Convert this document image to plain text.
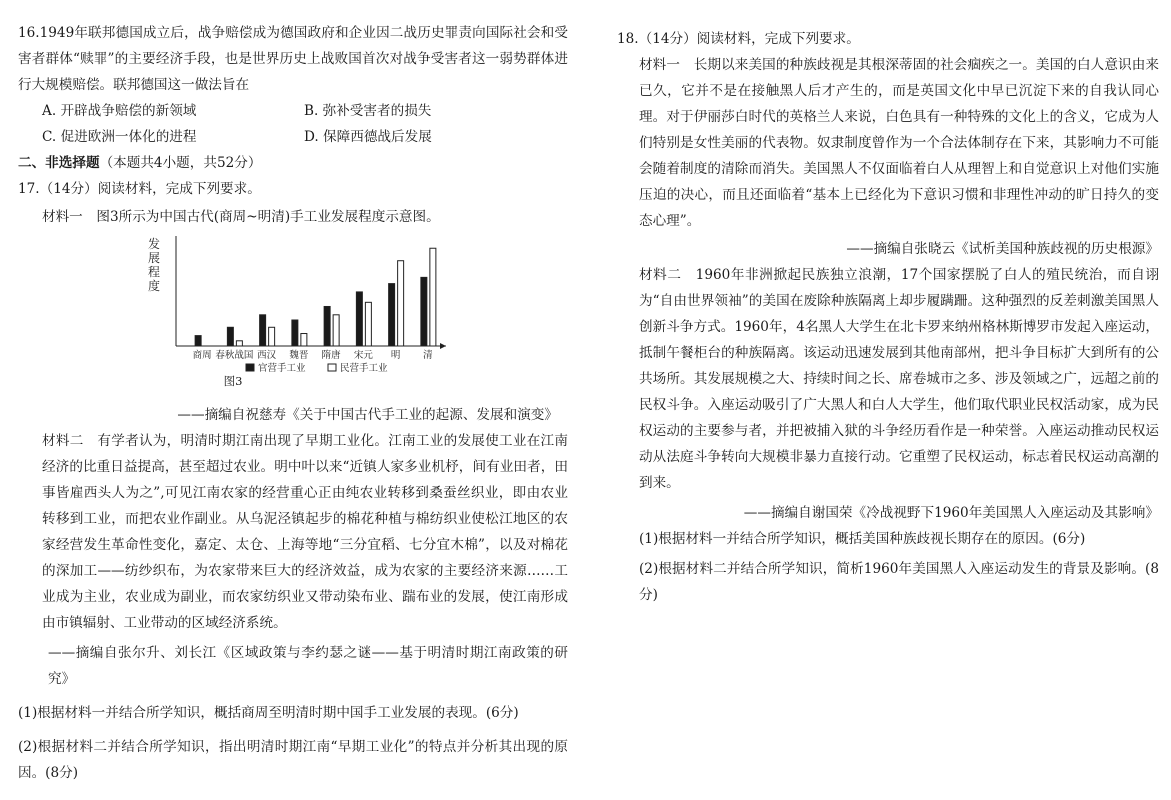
16.1949年联邦德国成立后，战争赔偿成为德国政府和企业因二战历史罪责向国际社会和受害者群体“赎罪”的主要经济手段，也是世界历史上战败国首次对战争受害者这一弱势群体进行大规模赔偿。联邦德国这一做法旨在

A. 开辟战争赔偿的新领域	B. 弥补受害者的损失
C. 促进欧洲一体化的进程	D. 保障西德战后发展
二、非选择题（本题共4小题，共52分）

17.（14分）阅读材料，完成下列要求。

材料一　图3所示为中国古代(商周~明清)手工业发展程度示意图。

发
展
程
度
商周 春秋战国 西汉 魏晋 隋唐 宋元 明 清
官营手工业	民营手工业
图3

——摘编自祝慈寿《关于中国古代手工业的起源、发展和演变》

材料二　有学者认为，明清时期江南出现了早期工业化。江南工业的发展使工业在江南经济的比重日益提高，甚至超过农业。明中叶以来“近镇人家多业机杼，间有业田者，田事皆雇西头人为之”,可见江南农家的经营重心正由纯农业转移到桑蚕丝织业，即由农业转移到工业，而把农业作副业。从乌泥泾镇起步的棉花种植与棉纺织业使松江地区的农家经营发生革命性变化，嘉定、太仓、上海等地“三分宜稻、七分宜木棉”，以及对棉花的深加工——纺纱织布，为农家带来巨大的经济效益，成为农家的主要经济来源……工业成为主业，农业成为副业，而农家纺织业又带动染布业、踹布业的发展，使江南形成由市镇辐射、工业带动的区域经济系统。

——摘编自张尔升、刘长江《区域政策与李约瑟之谜——基于明清时期江南政策的研究》

(1)根据材料一并结合所学知识，概括商周至明清时期中国手工业发展的表现。(6分)

(2)根据材料二并结合所学知识，指出明清时期江南“早期工业化”的特点并分析其出现的原因。(8分)

18.（14分）阅读材料，完成下列要求。

材料一　长期以来美国的种族歧视是其根深蒂固的社会痼疾之一。美国的白人意识由来已久，它并不是在接触黑人后才产生的，而是英国文化中早已沉淀下来的自我认同心理。对于伊丽莎白时代的英格兰人来说，白色具有一种特殊的文化上的含义，它成为人们特别是女性美丽的代表物。奴隶制度曾作为一个合法体制存在下来，其影响力不可能会随着制度的清除而消失。美国黑人不仅面临着白人从理智上和自觉意识上对他们实施压迫的决心，而且还面临着“基本上已经化为下意识习惯和非理性冲动的旷日持久的变态心理”。

——摘编自张晓云《试析美国种族歧视的历史根源》

材料二　1960年非洲掀起民族独立浪潮，17个国家摆脱了白人的殖民统治，而自诩为“自由世界领袖”的美国在废除种族隔离上却步履蹒跚。这种强烈的反差刺激美国黑人创新斗争方式。1960年，4名黑人大学生在北卡罗来纳州格林斯博罗市发起入座运动，抵制午餐柜台的种族隔离。该运动迅速发展到其他南部州，把斗争目标扩大到所有的公共场所。其发展规模之大、持续时间之长、席卷城市之多、涉及领域之广，远超之前的民权斗争。入座运动吸引了广大黑人和白人大学生，他们取代职业民权活动家，成为民权运动的主要参与者，并把被捕入狱的斗争经历看作是一种荣誉。入座运动推动民权运动从法庭斗争转向大规模非暴力直接行动。它重塑了民权运动，标志着民权运动高潮的到来。

——摘编自谢国荣《冷战视野下1960年美国黑人入座运动及其影响》

(1)根据材料一并结合所学知识，概括美国种族歧视长期存在的原因。(6分)

(2)根据材料二并结合所学知识，简析1960年美国黑人入座运动发生的背景及影响。(8分)
